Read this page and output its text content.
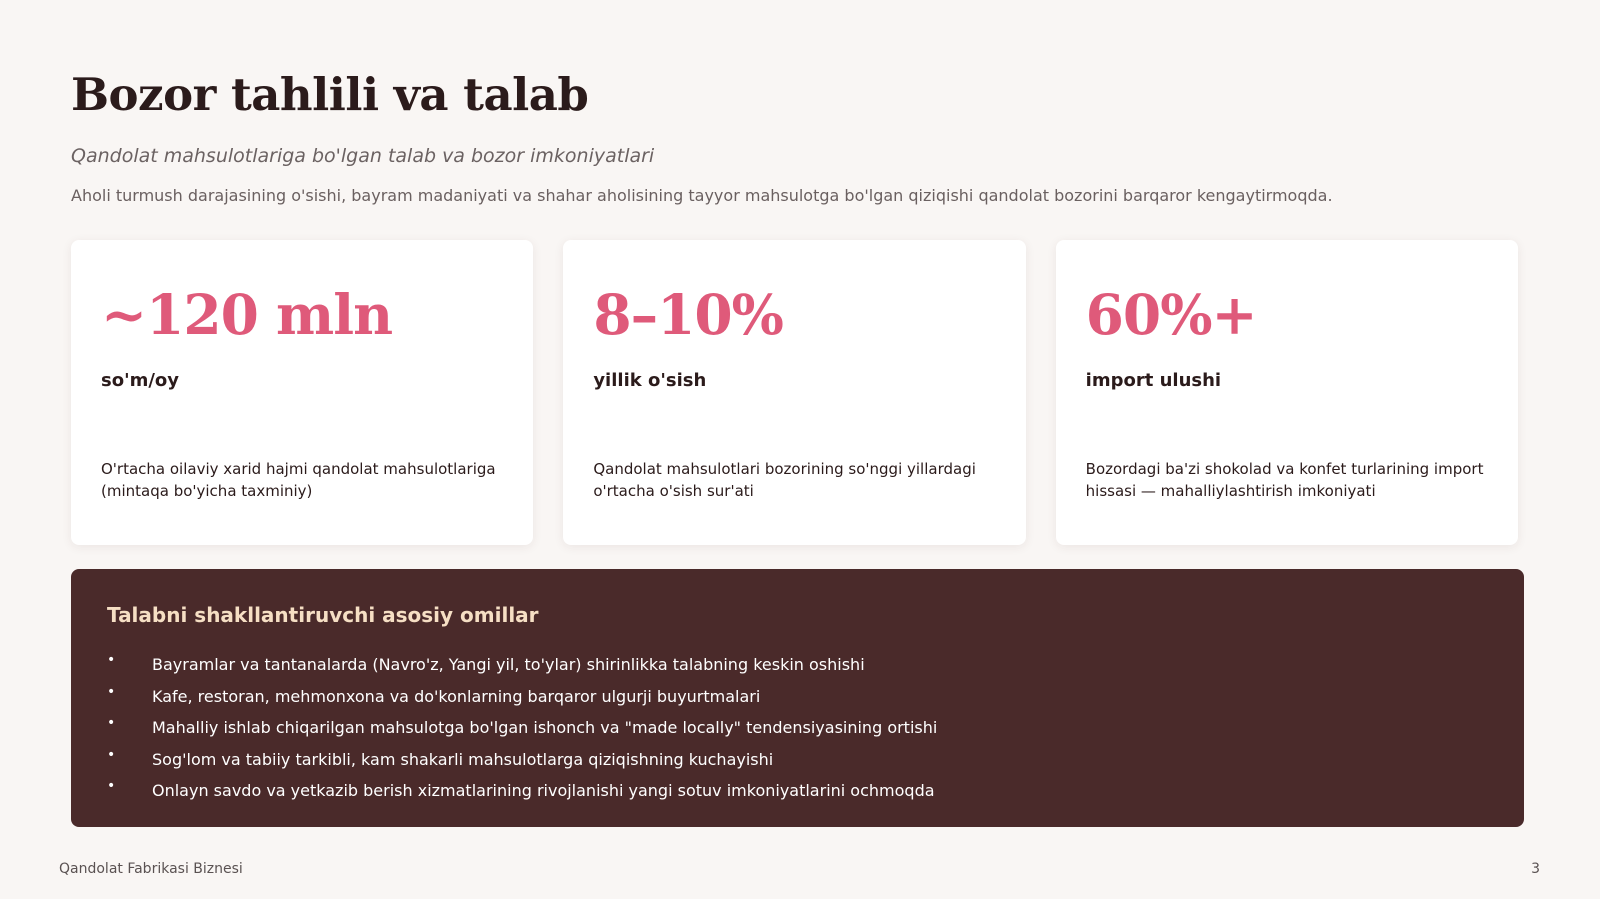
Bozor tahlili va talab
Qandolat mahsulotlariga bo'lgan talab va bozor imkoniyatlari
Aholi turmush darajasining o'sishi, bayram madaniyati va shahar aholisining tayyor mahsulotga bo'lgan qiziqishi qandolat bozorini barqaror kengaytirmoqda.
~120 mln
so'm/oy
O'rtacha oilaviy xarid hajmi qandolat mahsulotlariga (mintaqa bo'yicha taxminiy)
8–10%
yillik o'sish
Qandolat mahsulotlari bozorining so'nggi yillardagi o'rtacha o'sish sur'ati
60%+
import ulushi
Bozordagi ba'zi shokolad va konfet turlarining import hissasi — mahalliylashtirish imkoniyati
Talabni shakllantiruvchi asosiy omillar
• Bayramlar va tantanalarda (Navro'z, Yangi yil, to'ylar) shirinlikka talabning keskin oshishi
• Kafe, restoran, mehmonxona va do'konlarning barqaror ulgurji buyurtmalari
• Mahalliy ishlab chiqarilgan mahsulotga bo'lgan ishonch va "made locally" tendensiyasining ortishi
• Sog'lom va tabiiy tarkibli, kam shakarli mahsulotlarga qiziqishning kuchayishi
• Onlayn savdo va yetkazib berish xizmatlarining rivojlanishi yangi sotuv imkoniyatlarini ochmoqda
Qandolat Fabrikasi Biznesi	3
